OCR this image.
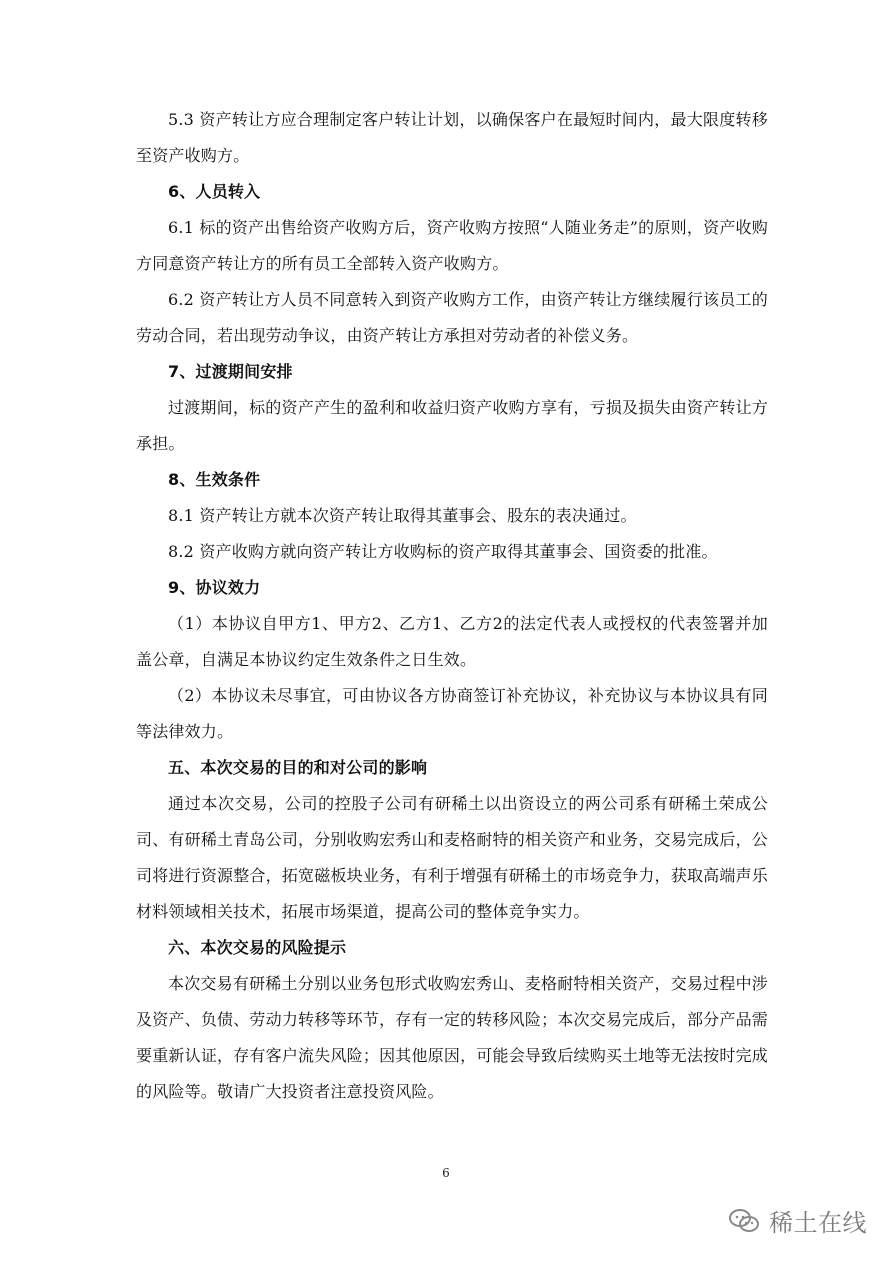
5.3 资产转让方应合理制定客户转让计划，以确保客户在最短时间内，最大限度转移至资产收购方。

6、人员转入

6.1 标的资产出售给资产收购方后，资产收购方按照“人随业务走”的原则，资产收购方同意资产转让方的所有员工全部转入资产收购方。

6.2 资产转让方人员不同意转入到资产收购方工作，由资产转让方继续履行该员工的劳动合同，若出现劳动争议，由资产转让方承担对劳动者的补偿义务。

7、过渡期间安排

过渡期间，标的资产产生的盈利和收益归资产收购方享有，亏损及损失由资产转让方承担。

8、生效条件

8.1 资产转让方就本次资产转让取得其董事会、股东的表决通过。

8.2 资产收购方就向资产转让方收购标的资产取得其董事会、国资委的批准。

9、协议效力

（1）本协议自甲方1、甲方2、乙方1、乙方2的法定代表人或授权的代表签署并加盖公章，自满足本协议约定生效条件之日生效。

（2）本协议未尽事宜，可由协议各方协商签订补充协议，补充协议与本协议具有同等法律效力。

五、本次交易的目的和对公司的影响

通过本次交易，公司的控股子公司有研稀土以出资设立的两公司系有研稀土荣成公司、有研稀土青岛公司，分别收购宏秀山和麦格耐特的相关资产和业务，交易完成后，公司将进行资源整合，拓宽磁板块业务，有利于增强有研稀土的市场竞争力，获取高端声乐材料领域相关技术，拓展市场渠道，提高公司的整体竞争实力。

六、本次交易的风险提示

本次交易有研稀土分别以业务包形式收购宏秀山、麦格耐特相关资产，交易过程中涉及资产、负债、劳动力转移等环节，存有一定的转移风险；本次交易完成后，部分产品需要重新认证，存有客户流失风险；因其他原因，可能会导致后续购买土地等无法按时完成的风险等。敬请广大投资者注意投资风险。

6
稀土在线
